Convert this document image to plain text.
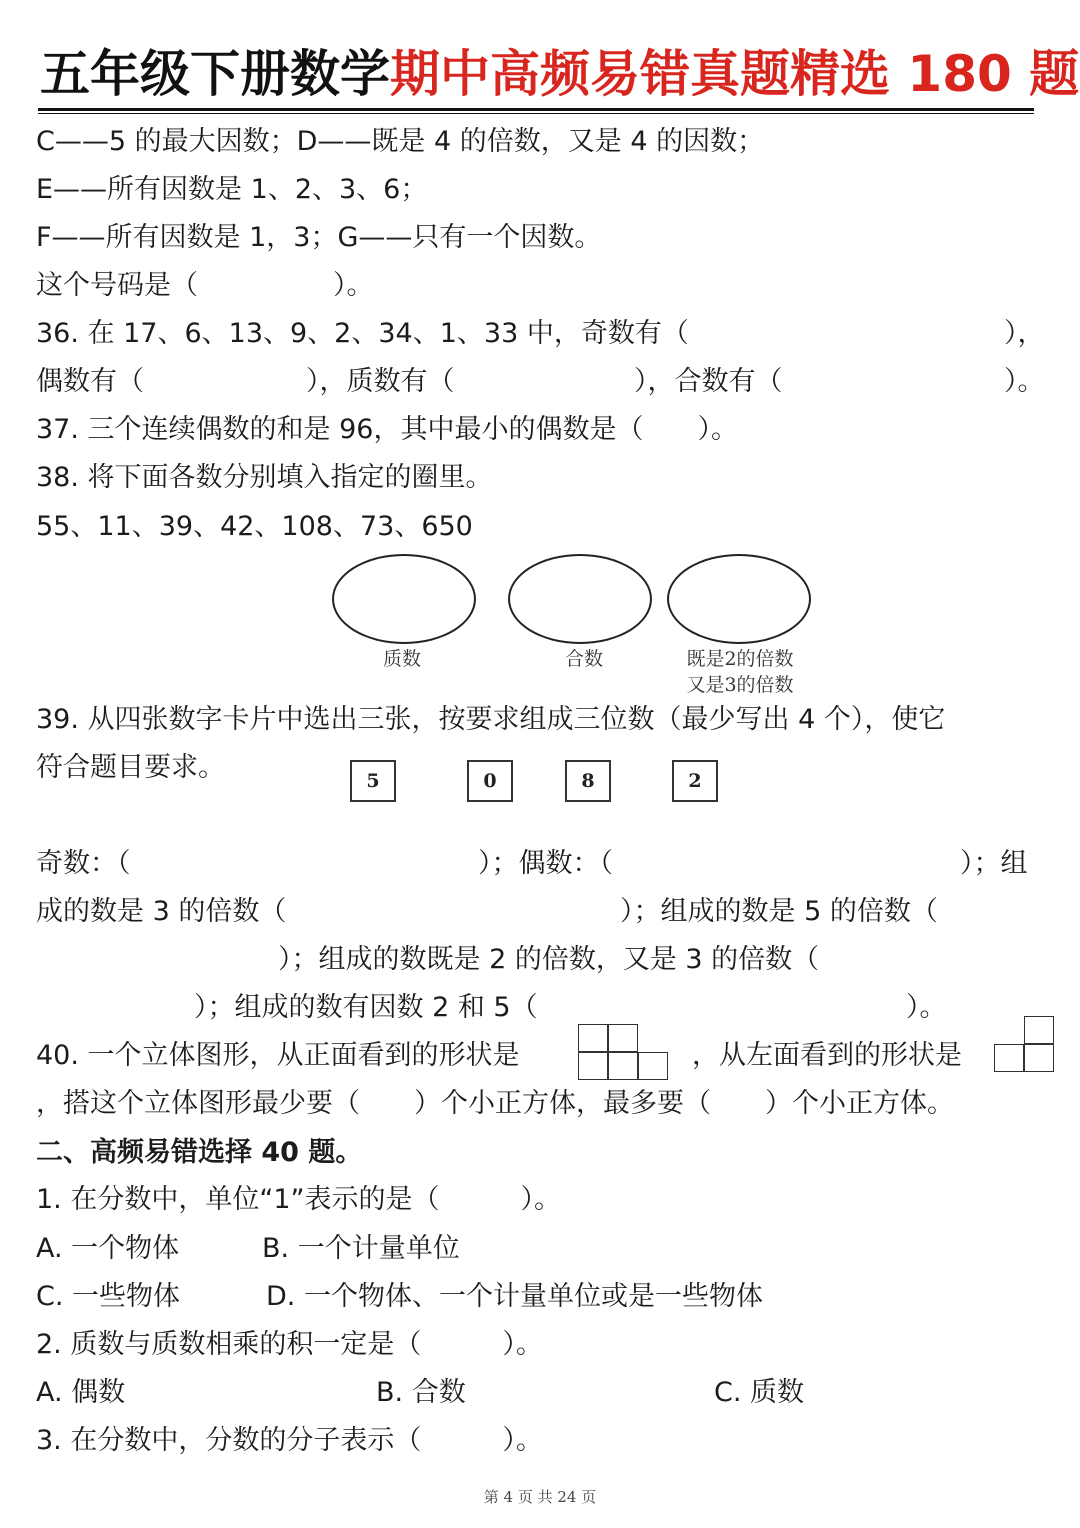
五年级下册数学期中高频易错真题精选 180 题
C——5 的最大因数；D——既是 4 的倍数，又是 4 的因数；
E——所有因数是 1、2、3、6；
F——所有因数是 1，3；G——只有一个因数。
这个号码是（　　　　　）。
36. 在 17、6、13、9、2、34、1、33 中，奇数有（	），
偶数有（	），质数有（	），合数有（	）。
37. 三个连续偶数的和是 96，其中最小的偶数是（　　）。
38. 将下面各数分别填入指定的圈里。
55、11、39、42、108、73、650
质数	合数	既是2的倍数
又是3的倍数
39. 从四张数字卡片中选出三张，按要求组成三位数（最少写出 4 个），使它
符合题目要求。	5	0	8	2
奇数：（	）；偶数：（	）；组
成的数是 3 的倍数（	）；组成的数是 5 的倍数（
）；组成的数既是 2 的倍数，又是 3 的倍数（
）；组成的数有因数 2 和 5（	）。
40. 一个立体图形，从正面看到的形状是	，从左面看到的形状是
，搭这个立体图形最少要（　　）个小正方体，最多要（　　）个小正方体。
二、高频易错选择 40 题。
1. 在分数中，单位“1”表示的是（　　　）。
A. 一个物体	B. 一个计量单位
C. 一些物体	D. 一个物体、一个计量单位或是一些物体
2. 质数与质数相乘的积一定是（　　　）。
A. 偶数	B. 合数	C. 质数
3. 在分数中，分数的分子表示（　　　）。
第 4 页 共 24 页
